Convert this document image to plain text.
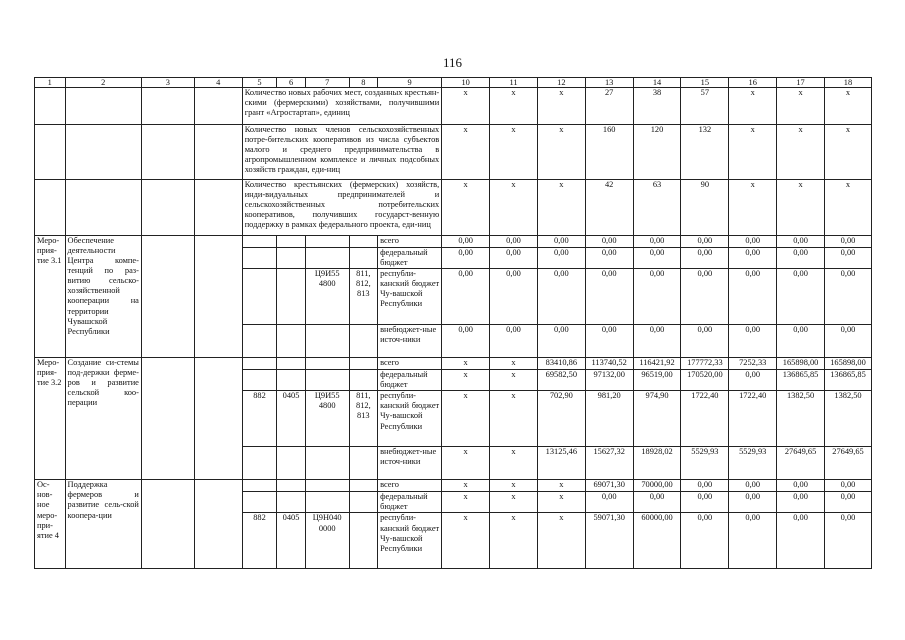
116
1	2	3	4	5	6	7	8	9	10	11	12	13	14	15	16	17	18
				Количество новых рабочих мест, созданных крестьян-скими (фермерскими) хозяйствами, получившими грант «Агростартап», единиц					x	x	x	27	38	57	x	x	x
				Количество новых членов сельскохозяйственных потре-бительских кооперативов из числа субъектов малого и среднего предпринимательства в агропромышленном комплексе и личных подсобных хозяйств граждан, еди-ниц					x	x	x	160	120	132	x	x	x
				Количество крестьянских (фермерских) хозяйств, инди-видуальных предпринимателей и сельскохозяйственных потребительских кооперативов, получивших государст-венную поддержку в рамках федерального проекта, еди-ниц					x	x	x	42	63	90	x	x	x
Меро-прия-тие 3.1	Обеспечение деятельности Центра компе-тенций по раз-витию сельско-хозяйственной кооперации на территории Чувашской Республики							всего	0,00	0,00	0,00	0,00	0,00	0,00	0,00	0,00	0,00
								федеральный бюджет	0,00	0,00	0,00	0,00	0,00	0,00	0,00	0,00	0,00
						Ц9И55 4800	811, 812, 813	республи-канский бюджет Чу-вашской Республики	0,00	0,00	0,00	0,00	0,00	0,00	0,00	0,00	0,00
								внебюджет-ные источ-ники	0,00	0,00	0,00	0,00	0,00	0,00	0,00	0,00	0,00
Меро-прия-тие 3.2	Создание си-стемы под-держки ферме-ров и развитие сельской коо-перации							всего	x	x	83410,86	113740,52	116421,92	177772,33	7252,33	165898,00	165898,00
								федеральный бюджет	x	x	69582,50	97132,00	96519,00	170520,00	0,00	136865,85	136865,85
				882	0405	Ц9И55 4800	811, 812, 813	республи-канский бюджет Чу-вашской Республики	x	x	702,90	981,20	974,90	1722,40	1722,40	1382,50	1382,50
								внебюджет-ные источ-ники	x	x	13125,46	15627,32	18928,02	5529,93	5529,93	27649,65	27649,65
Ос-нов-ное меро-при-ятие 4	Поддержка фермеров и развитие сель-ской коопера-ции							всего	x	x	x	69071,30	70000,00	0,00	0,00	0,00	0,00
								федеральный бюджет	x	x	x	0,00	0,00	0,00	0,00	0,00	0,00
				882	0405	Ц9Н040 0000		республи-канский бюджет Чу-вашской Республики	x	x	x	59071,30	60000,00	0,00	0,00	0,00	0,00
